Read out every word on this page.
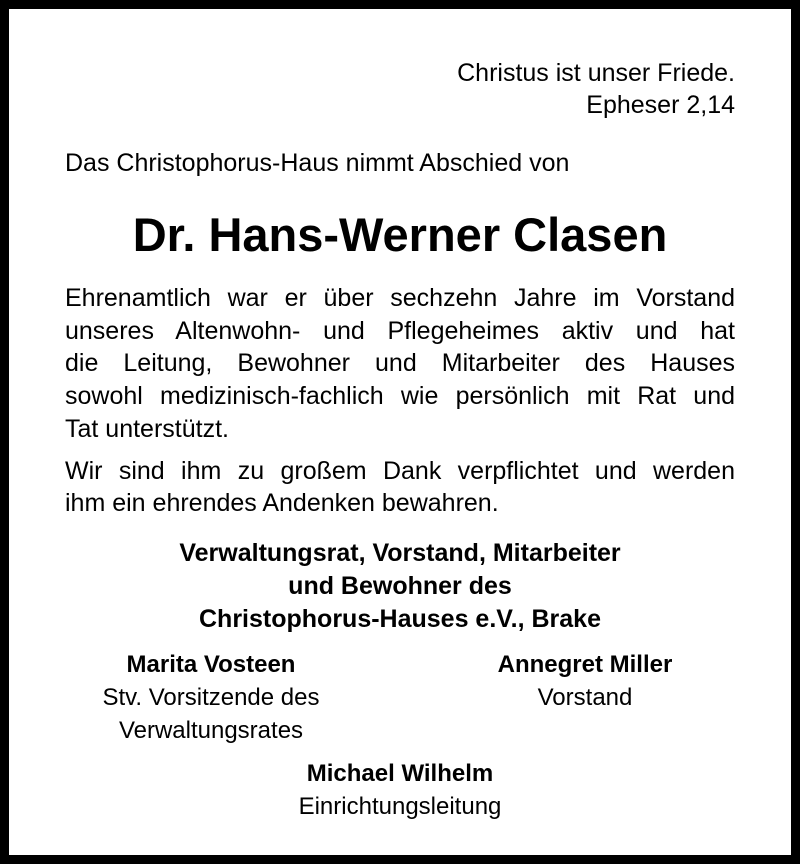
Christus ist unser Friede.
Epheser 2,14
Das Christophorus-Haus nimmt Abschied von
Dr. Hans-Werner Clasen
Ehrenamtlich war er über sechzehn Jahre im Vorstand
unseres Altenwohn- und Pflegeheimes aktiv und hat
die Leitung, Bewohner und Mitarbeiter des Hauses
sowohl medizinisch-fachlich wie persönlich mit Rat und
Tat unterstützt.
Wir sind ihm zu großem Dank verpflichtet und werden
ihm ein ehrendes Andenken bewahren.
Verwaltungsrat, Vorstand, Mitarbeiter
und Bewohner des
Christophorus-Hauses e.V., Brake
Marita Vosteen
Stv. Vorsitzende des
Verwaltungsrates
Annegret Miller
Vorstand
Michael Wilhelm
Einrichtungsleitung
